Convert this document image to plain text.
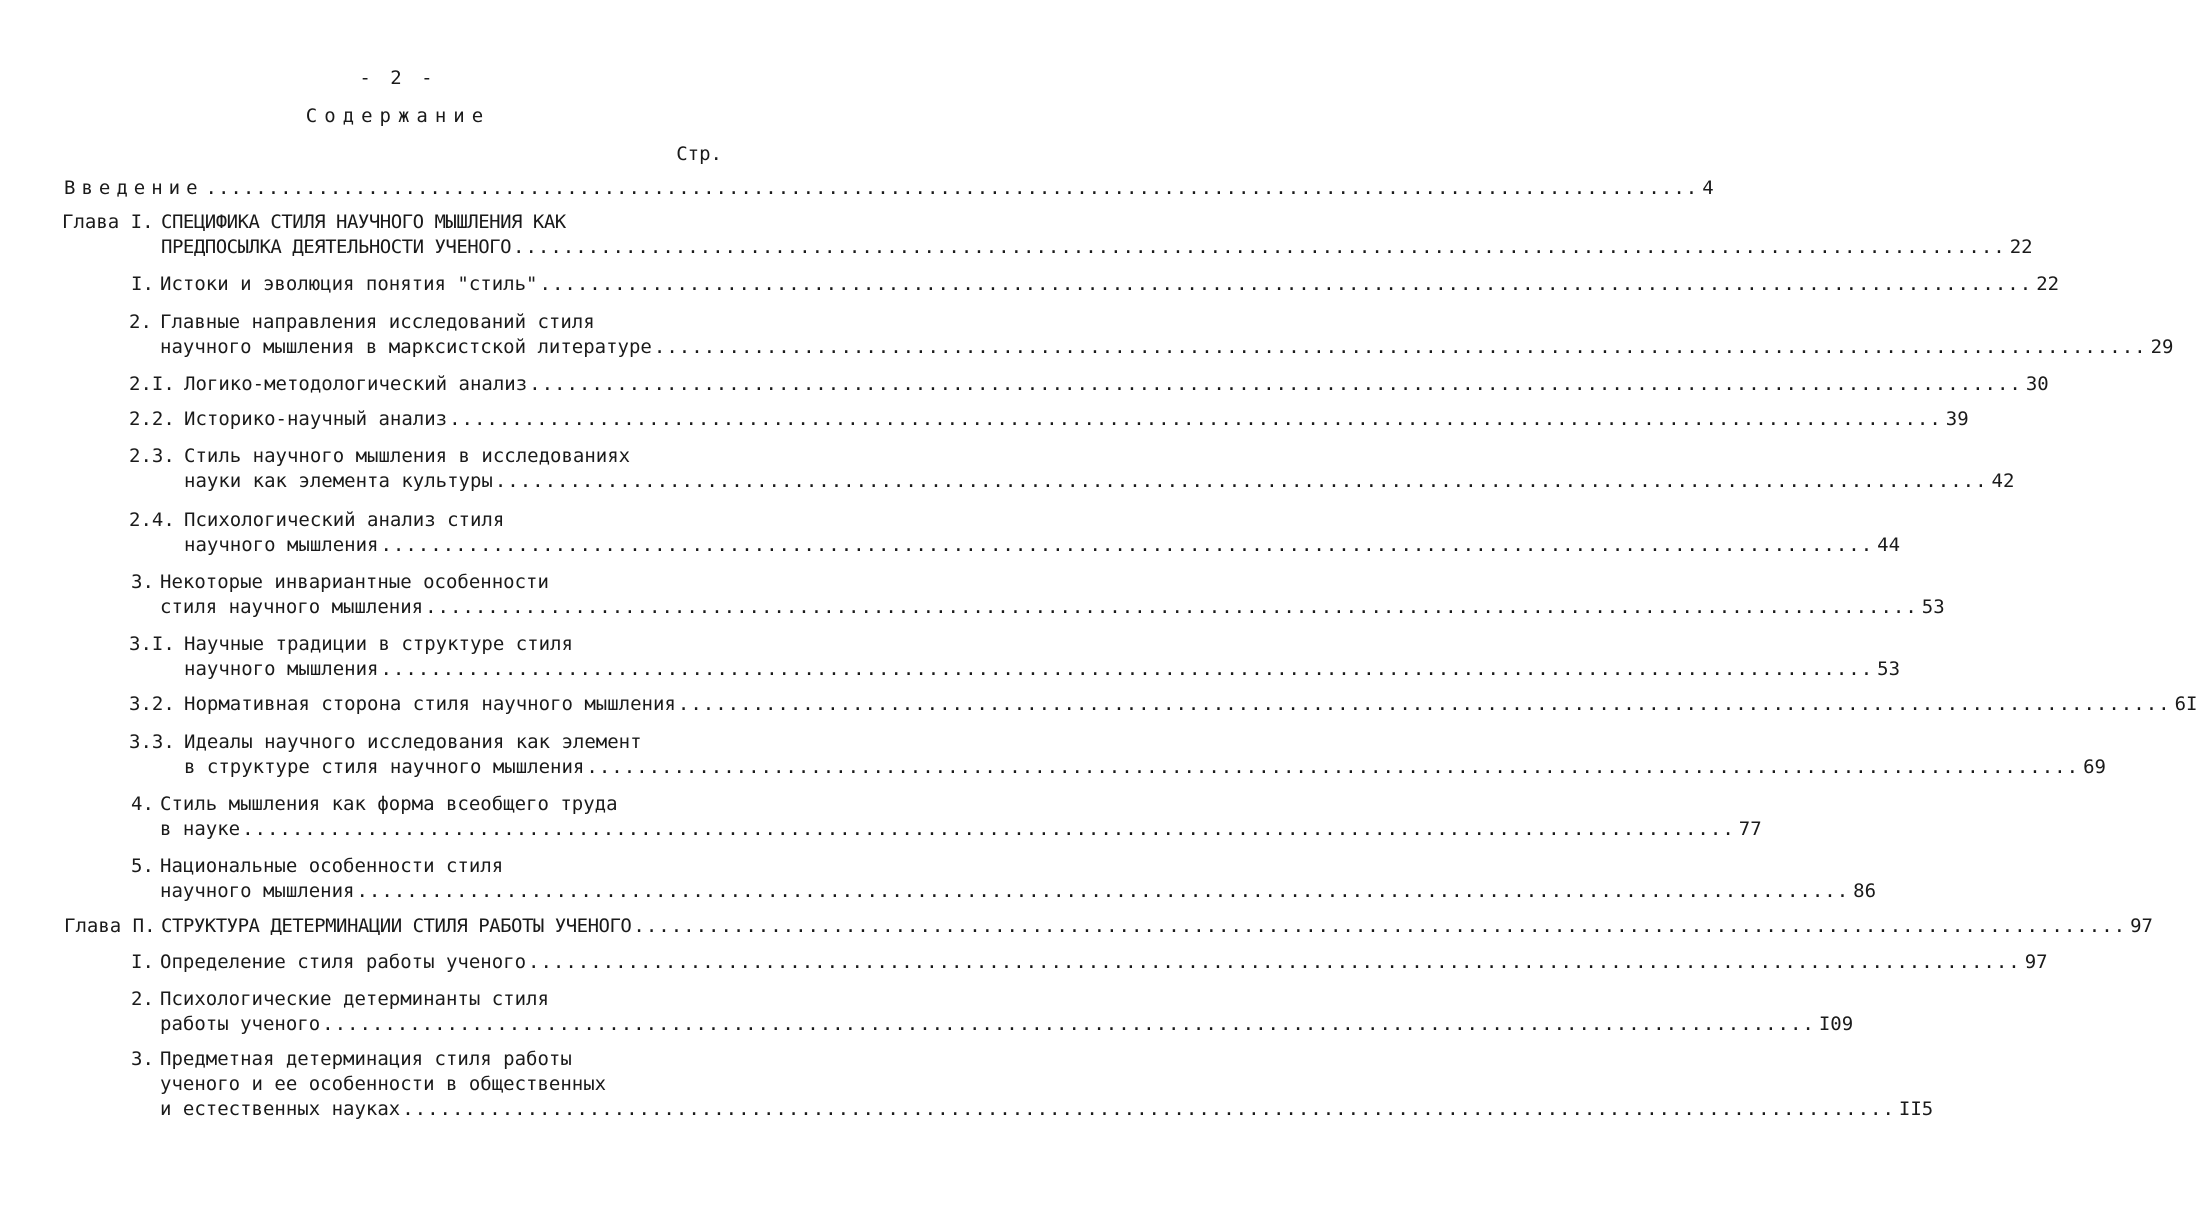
- 2 -
Содержание
Стр.
Введение ........................................................................................................................ 4
Глава I. СПЕЦИФИКА СТИЛЯ НАУЧНОГО МЫШЛЕНИЯ КАК
ПРЕДПОСЫЛКА ДЕЯТЕЛЬНОСТИ УЧЕНОГО ........................................................................................................................ 22
I. Истоки и эволюция понятия "стиль" ........................................................................................................................ 22
2. Главные направления исследований стиля
научного мышления в марксистской литературе ........................................................................................................................ 29
2.I. Логико-методологический анализ ........................................................................................................................ 30
2.2. Историко-научный анализ ........................................................................................................................ 39
2.3. Стиль научного мышления в исследованиях
науки как элемента культуры ........................................................................................................................ 42
2.4. Психологический анализ стиля
научного мышления ........................................................................................................................ 44
3. Некоторые инвариантные особенности
стиля научного мышления ........................................................................................................................ 53
3.I. Научные традиции в структуре стиля
научного мышления ........................................................................................................................ 53
3.2. Нормативная сторона стиля научного мышления ........................................................................................................................ 6I
3.3. Идеалы научного исследования как элемент
в структуре стиля научного мышления ........................................................................................................................ 69
4. Стиль мышления как форма всеобщего труда
в науке ........................................................................................................................ 77
5. Национальные особенности стиля
научного мышления ........................................................................................................................ 86
Глава П. СТРУКТУРА ДЕТЕРМИНАЦИИ СТИЛЯ РАБОТЫ УЧЕНОГО ........................................................................................................................ 97
I. Определение стиля работы ученого ........................................................................................................................ 97
2. Психологические детерминанты стиля
работы ученого ........................................................................................................................ I09
3. Предметная детерминация стиля работы
ученого и ее особенности в общественных
и естественных науках ........................................................................................................................ II5
